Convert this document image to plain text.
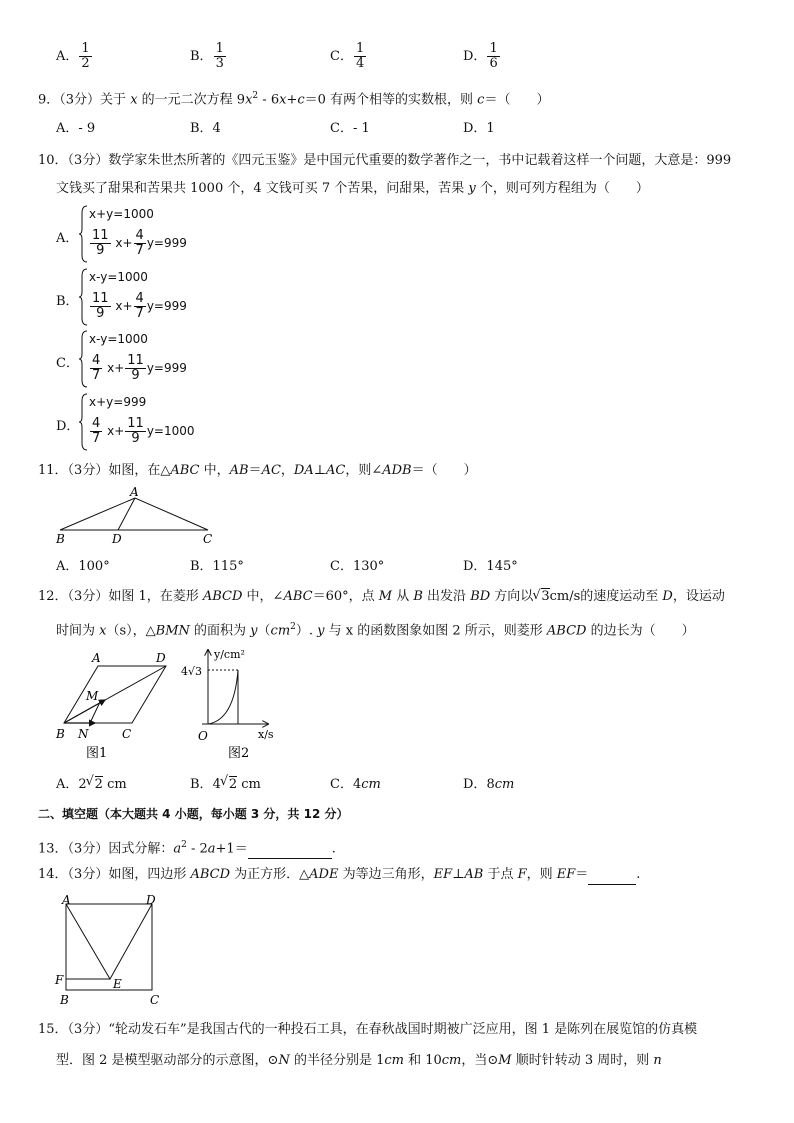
A． $\frac{1}{2}$	B． $\frac{1}{3}$	C． $\frac{1}{4}$	D． $\frac{1}{6}$
9．（3分）关于 x 的一元二次方程 $9x^2 - 6x+c=0$ 有两个相等的实数根，则 c＝（　　）
A．- 9	B．4	C．- 1	D．1
10．（3分）数学家朱世杰所著的《四元玉鉴》是中国元代重要的数学著作之一，书中记载着这样一个问题，大意是：999
文钱买了甜果和苦果共 1000 个，4 文钱可买 7 个苦果，问甜果，苦果 y 个，则可列方程组为（　　）
A．
x+y=1000
$\frac{11}{9} x+ \frac{4}{7} y=999$
B．
x-y=1000
$\frac{11}{9} x+ \frac{4}{7} y=999$
C．
x-y=1000
$\frac{4}{7} x+ \frac{11}{9} y=999$
D．
x+y=999
$\frac{4}{7} x+ \frac{11}{9} y=1000$
11．（3分）如图，在△ABC 中，AB＝AC，DA⊥AC，则∠ADB＝（　　）
A
B	D	C
A．100°	B．115°	C．130°	D．145°
12．（3分）如图 1，在菱形 ABCD 中，∠ABC＝60°，点 M 从 B 出发沿 BD 方向以 √ 3cm/s的速度运动至 D，设运动
时间为 x（s），△BMN 的面积为 $y(cm^2)$. y 与 x 的函数图象如图 2 所示，则菱形 ABCD 的边长为（　　）
A	D
M
B N	C
图1
y/cm²
4√3
O	x/s
图2
A．2 √ 2 cm	B．4 √ 2 cm	C．4cm	D．8cm
二、填空题（本大题共 4 小题，每小题 3 分，共 12 分）
13．（3分）因式分解：$a^2 - 2a+1=$	.
14．（3分）如图，四边形 ABCD 为正方形．△ADE 为等边三角形，EF⊥AB 于点 F，则 EF＝	.
A	D
F	E
B	C
15．（3分）“轮动发石车”是我国古代的一种投石工具，在春秋战国时期被广泛应用，图 1 是陈列在展览馆的仿真模
型．图 2 是模型驱动部分的示意图，⊙N 的半径分别是 1cm 和 10cm，当⊙M 顺时针转动 3 周时，则 n
